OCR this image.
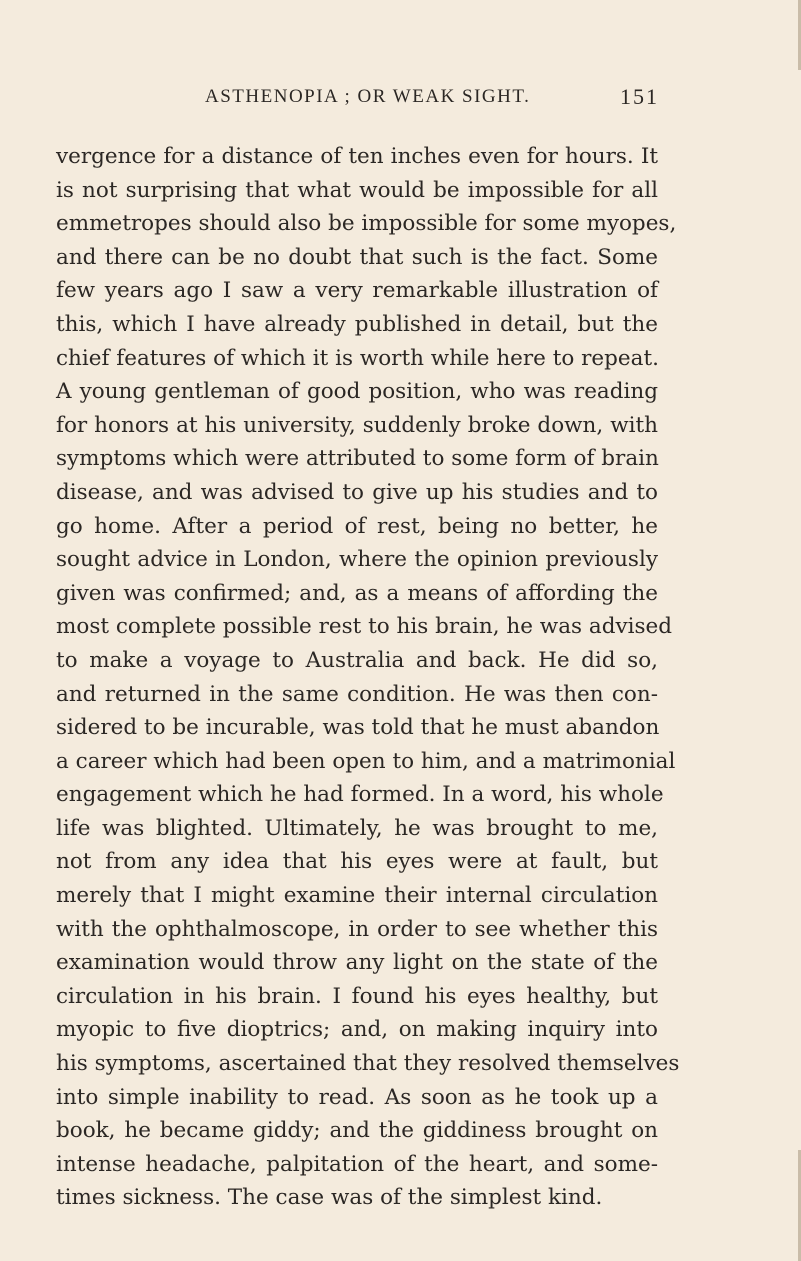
ASTHENOPIA ; OR WEAK SIGHT.	151
vergence for a distance of ten inches even for hours. It
is not surprising that what would be impossible for all
emmetropes should also be impossible for some myopes,
and there can be no doubt that such is the fact. Some
few years ago I saw a very remarkable illustration of
this, which I have already published in detail, but the
chief features of which it is worth while here to repeat.
A young gentleman of good position, who was reading
for honors at his university, suddenly broke down, with
symptoms which were attributed to some form of brain
disease, and was advised to give up his studies and to
go home. After a period of rest, being no better, he
sought advice in London, where the opinion previously
given was confirmed; and, as a means of affording the
most complete possible rest to his brain, he was advised
to make a voyage to Australia and back. He did so,
and returned in the same condition. He was then con-
sidered to be incurable, was told that he must abandon
a career which had been open to him, and a matrimonial
engagement which he had formed. In a word, his whole
life was blighted. Ultimately, he was brought to me,
not from any idea that his eyes were at fault, but
merely that I might examine their internal circulation
with the ophthalmoscope, in order to see whether this
examination would throw any light on the state of the
circulation in his brain. I found his eyes healthy, but
myopic to five dioptrics; and, on making inquiry into
his symptoms, ascertained that they resolved themselves
into simple inability to read. As soon as he took up a
book, he became giddy; and the giddiness brought on
intense headache, palpitation of the heart, and some-
times sickness. The case was of the simplest kind.
